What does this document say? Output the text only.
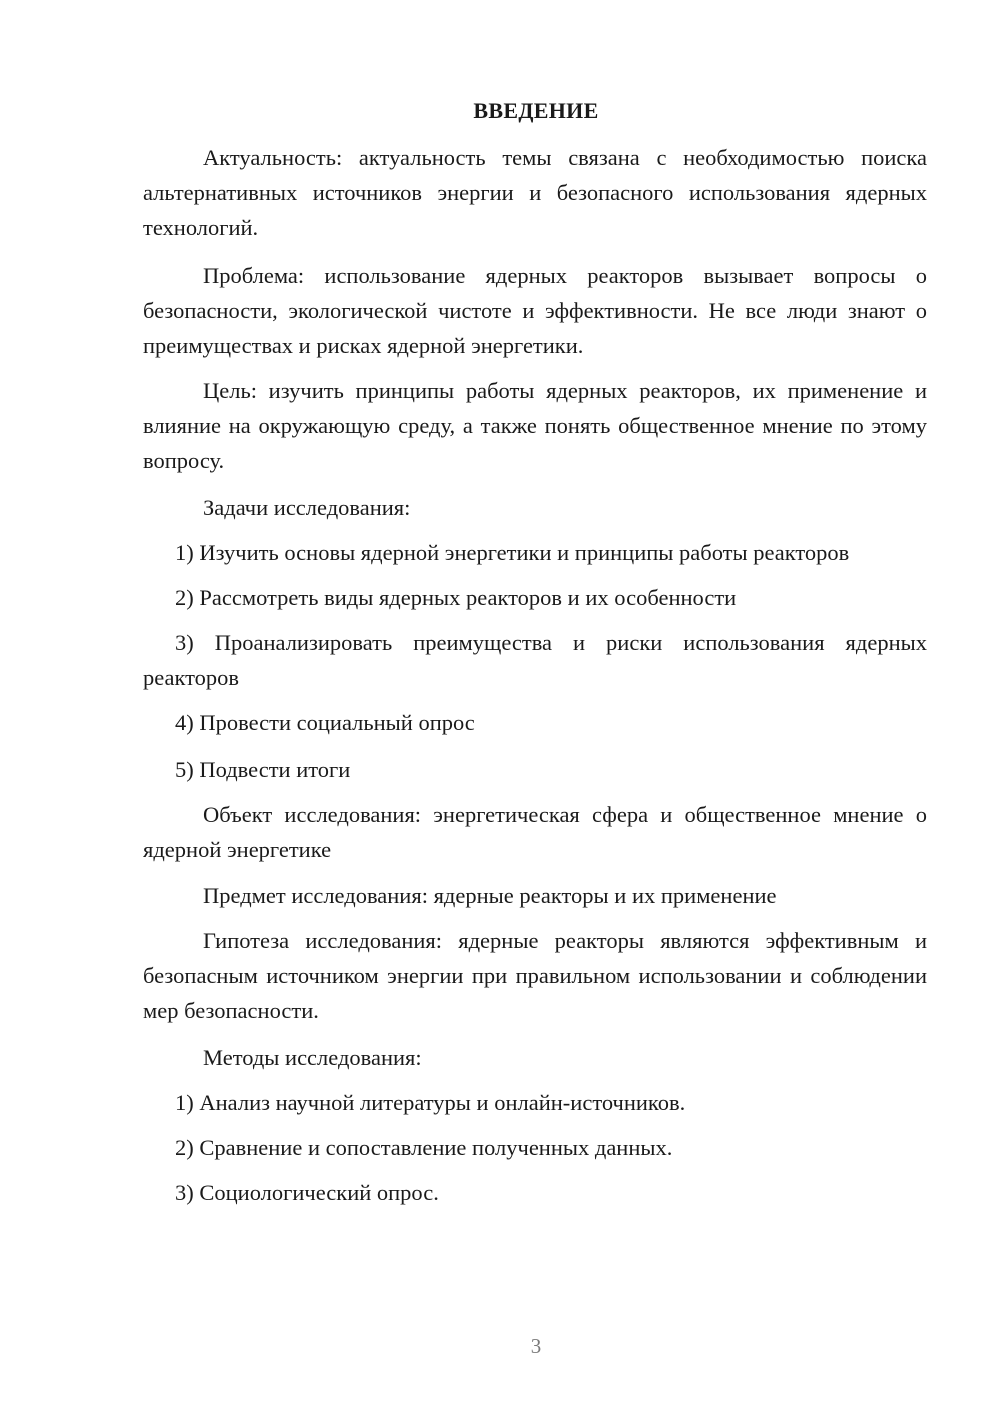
ВВЕДЕНИЕ

Актуальность: актуальность темы связана с необходимостью поиска альтернативных источников энергии и безопасного использования ядерных технологий.

Проблема: использование ядерных реакторов вызывает вопросы о безопасности, экологической чистоте и эффективности. Не все люди знают о преимуществах и рисках ядерной энергетики.

Цель: изучить принципы работы ядерных реакторов, их применение и влияние на окружающую среду, а также понять общественное мнение по этому вопросу.

Задачи исследования:

1) Изучить основы ядерной энергетики и принципы работы реакторов

2) Рассмотреть виды ядерных реакторов и их особенности

3) Проанализировать преимущества и риски использования ядерных реакторов

4) Провести социальный опрос

5) Подвести итоги

Объект исследования: энергетическая сфера и общественное мнение о ядерной энергетике

Предмет исследования: ядерные реакторы и их применение

Гипотеза исследования: ядерные реакторы являются эффективным и безопасным источником энергии при правильном использовании и соблюдении мер безопасности.

Методы исследования:

1) Анализ научной литературы и онлайн-источников.

2) Сравнение и сопоставление полученных данных.

3) Социологический опрос.

3
